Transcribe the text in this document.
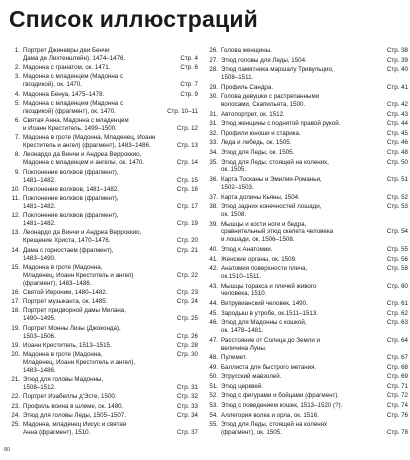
Список иллюстраций
1. Портрет Джиневры деи Бенчи
Дама де Лихтенштейн), 1474–1476.	Стр. 4
2. Мадонна с гранатом, ок. 1471.	Стр. 6
3. Мадонна с младенцем (Мадонна с
гвоздикой), ок. 1470.	Стр. 7
4. Мадонна Бенуа, 1475–1478.	Стр. 9
5. Мадонна с младенцем (Мадонна с
гвоздикой) (фрагмент), ок. 1470.	Стр. 10–11
6. Святая Анна, Мадонна с младенцем
и Иоанн Креститель, 1499–1500.	Стр. 12
7. Мадонна в гроте (Мадонна, Младенец, Иоанн
Креститель и ангел) (фрагмент), 1483–1486.	Стр. 13
8. Леонардо да Винчи и Андреа Верроккио,
Мадонна с младенцем и ангелы, ок. 1470.	Стр. 14
9. Поклонение волхвов (фрагмент),
1481–1482.	Стр. 15
10. Поклонение волхвов, 1481–1482.	Стр. 16
11. Поклонение волхвов (фрагмент),
1481–1482.	Стр. 17
12. Поклонение волхвов (фрагмент),
1481–1482.	Стр. 19
13. Леонардо да Винчи и Андреа Верроккио,
Крещение Христа, 1470–1476.	Стр. 20
14. Дама с горностаем (фрагмент),
1483–1490.
Стр. 21
15. Мадонна в гроте (Мадонна,
Младенец, Иоанн Креститель и ангел)
(фрагмент), 1483–1486.
Стр. 22
16. Святой Иероним, 1480–1482.	Стр. 23
17. Портрет музыканта, ок. 1485.	Стр. 24
18. Портрет придворной дамы Милана,
1490–1495.	Стр. 25
19. Портрет Монны Лизы (Джоконда),
1503–1506.	Стр. 26
19. Иоанн Креститель, 1513–1515.	Стр. 28
20. Мадонна в гроте (Мадонна,
Младенец, Иоанн Креститель и ангел),
1483–1486.
Стр. 30
21. Этюд для головы Мадонны,
1508–1512.	Стр. 31
22. Портрет Изабеллы д'Эсте, 1500.	Стр. 32
23. Профиль воина в шлеме, ок. 1480.	Стр. 33
24. Этюд для головы Леды, 1505–1507.	Стр. 34
25. Мадонна, младенец Иисус и святая
Анна (фрагмент), 1510.	Стр. 37
26. Голова женщины.	Стр. 38
27. Этюд головы для Леды, 1504.	Стр. 39
28. Этюд памятника маршалу Тривульцио,
1508–1511.
Стр. 40
29. Профиль Сандра.	Стр. 41
30. Голова девушки с растрепанными
волосами, Скапильята, 1500.	Стр. 42
31. Автопортрет, ок. 1512.	Стр. 43
31. Этюд женщины с поднятой правой рукой.	Стр. 44
32. Профили юноши и старика.	Стр. 45
33. Леда и лебедь, ок. 1505.	Стр. 46
34. Этюд для Леды, ок. 1505.	Стр. 48
35. Этюд для Леды, стоящей на коленях,
ок. 1505.
Стр. 50
36. Карта Тосканы и Эмилии-Романьи,
1502–1503.
Стр. 51
37. Карта долины Кьяны, 1504.	Стр. 52
38. Этюд задних конечностей лошади,
ок. 1508.
Стр. 53
39. Мышцы и кости ноги и бедра,
сравнительный этюд скелета человека
и лошади, ок. 1506–1508.
Стр. 54
40. Этюд к Анатомии.	Стр. 55
41. Женские органы, ок. 1509.	Стр. 56
42. Анатомия поверхности плеча,
ок.1510–1511.
Стр. 58
43. Мышцы торакса и плечей живого
человека, 1510.
Стр. 60
44. Витрувианский человек, 1490.	Стр. 61
45. Зародыш в утробе, ок.1511–1513.	Стр. 62
46. Этюд для Мадонны с кошкой,
ок. 1478–1481.
Стр. 63
47. Расстояние от Солнца до Земли и
величина Луны.
Стр. 64
48. Пулемет.	Стр. 67
49. Баллиста для быстрого метания.	Стр. 68
50. Этрусский мавзолей.	Стр. 69
51. Этюд церквей.	Стр. 71
52. Этюд с фигурами и бойцами (фрагмент).	Стр. 72
53. Этюд с поведением кошек, 1513–1520 (?).	Стр. 74
54. Аллегория волка и орла, ок. 1516.	Стр. 76
55. Этюд для Леды, стоящей на коленях
(фрагмент), ок. 1505.	Стр. 78
80
